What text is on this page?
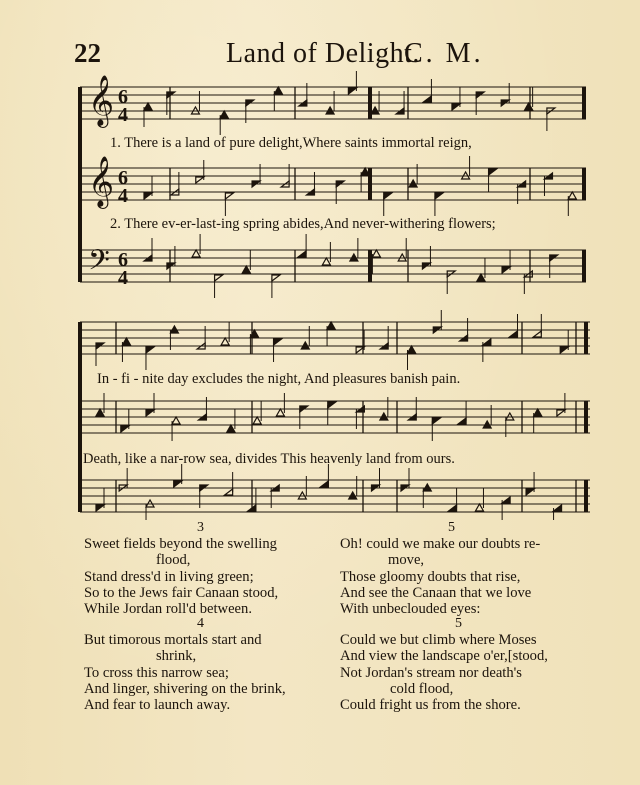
22	Land of Delight.
C. M.
𝄞 6
4
𝄞 6
4
𝄢 6
4
1. There is a land of pure delight,Where saints immortal reign,
2. There ev-er-last-ing spring abides,And never-withering flowers;
In - fi - nite day excludes the night, And pleasures banish pain.
Death, like a nar-row sea, divides This heavenly land from ours.
Sweet fields beyond the swelling
flood,
Stand dress'd in living green;
So to the Jews fair Canaan stood,
While Jordan roll'd between.
3
But timorous mortals start and
shrink,
To cross this narrow sea;
And linger, shivering on the brink,
And fear to launch away.
4
Oh! could we make our doubts re-
move,
Those gloomy doubts that rise,
And see the Canaan that we love
With unbeclouded eyes:
5
Could we but climb where Moses
And view the landscape o'er,[stood,
Not Jordan's stream nor death's
cold flood,
Could fright us from the shore.
5
